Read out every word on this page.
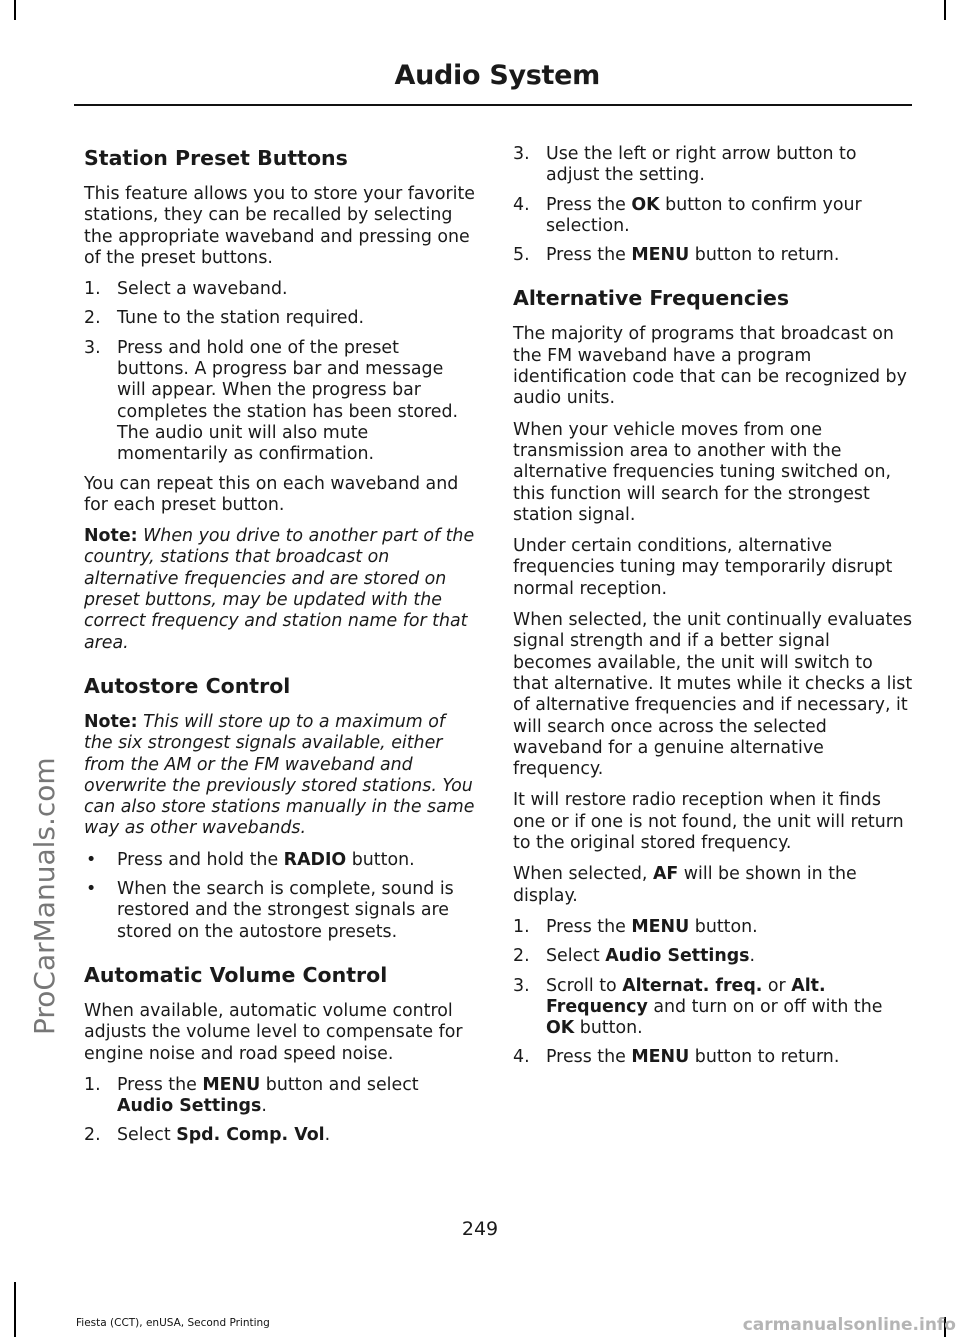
Audio System
ProCarManuals.com
Station Preset Buttons

This feature allows you to store your favorite stations, they can be recalled by selecting the appropriate waveband and pressing one of the preset buttons.

1. Select a waveband.
2. Tune to the station required.
3. Press and hold one of the preset buttons. A progress bar and message will appear. When the progress bar completes the station has been stored. The audio unit will also mute momentarily as confirmation.

You can repeat this on each waveband and for each preset button.

Note: When you drive to another part of the country, stations that broadcast on alternative frequencies and are stored on preset buttons, may be updated with the correct frequency and station name for that area.

Autostore Control

Note: This will store up to a maximum of the six strongest signals available, either from the AM or the FM waveband and overwrite the previously stored stations. You can also store stations manually in the same way as other wavebands.

• Press and hold the RADIO button.
• When the search is complete, sound is restored and the strongest signals are stored on the autostore presets.
Automatic Volume Control

When available, automatic volume control adjusts the volume level to compensate for engine noise and road speed noise.

1. Press the MENU button and select Audio Settings.
2. Select Spd. Comp. Vol.
3. Use the left or right arrow button to adjust the setting.
4. Press the OK button to confirm your selection.
5. Press the MENU button to return.
Alternative Frequencies

The majority of programs that broadcast on the FM waveband have a program identification code that can be recognized by audio units.

When your vehicle moves from one transmission area to another with the alternative frequencies tuning switched on, this function will search for the strongest station signal.

Under certain conditions, alternative frequencies tuning may temporarily disrupt normal reception.

When selected, the unit continually evaluates signal strength and if a better signal becomes available, the unit will switch to that alternative. It mutes while it checks a list of alternative frequencies and if necessary, it will search once across the selected waveband for a genuine alternative frequency.

It will restore radio reception when it finds one or if one is not found, the unit will return to the original stored frequency.

When selected, AF will be shown in the display.

1. Press the MENU button.
2. Select Audio Settings.
3. Scroll to Alternat. freq. or Alt. Frequency and turn on or off with the OK button.
4. Press the MENU button to return.
249
Fiesta (CCT), enUSA, Second Printing	carmanualsonline.info
